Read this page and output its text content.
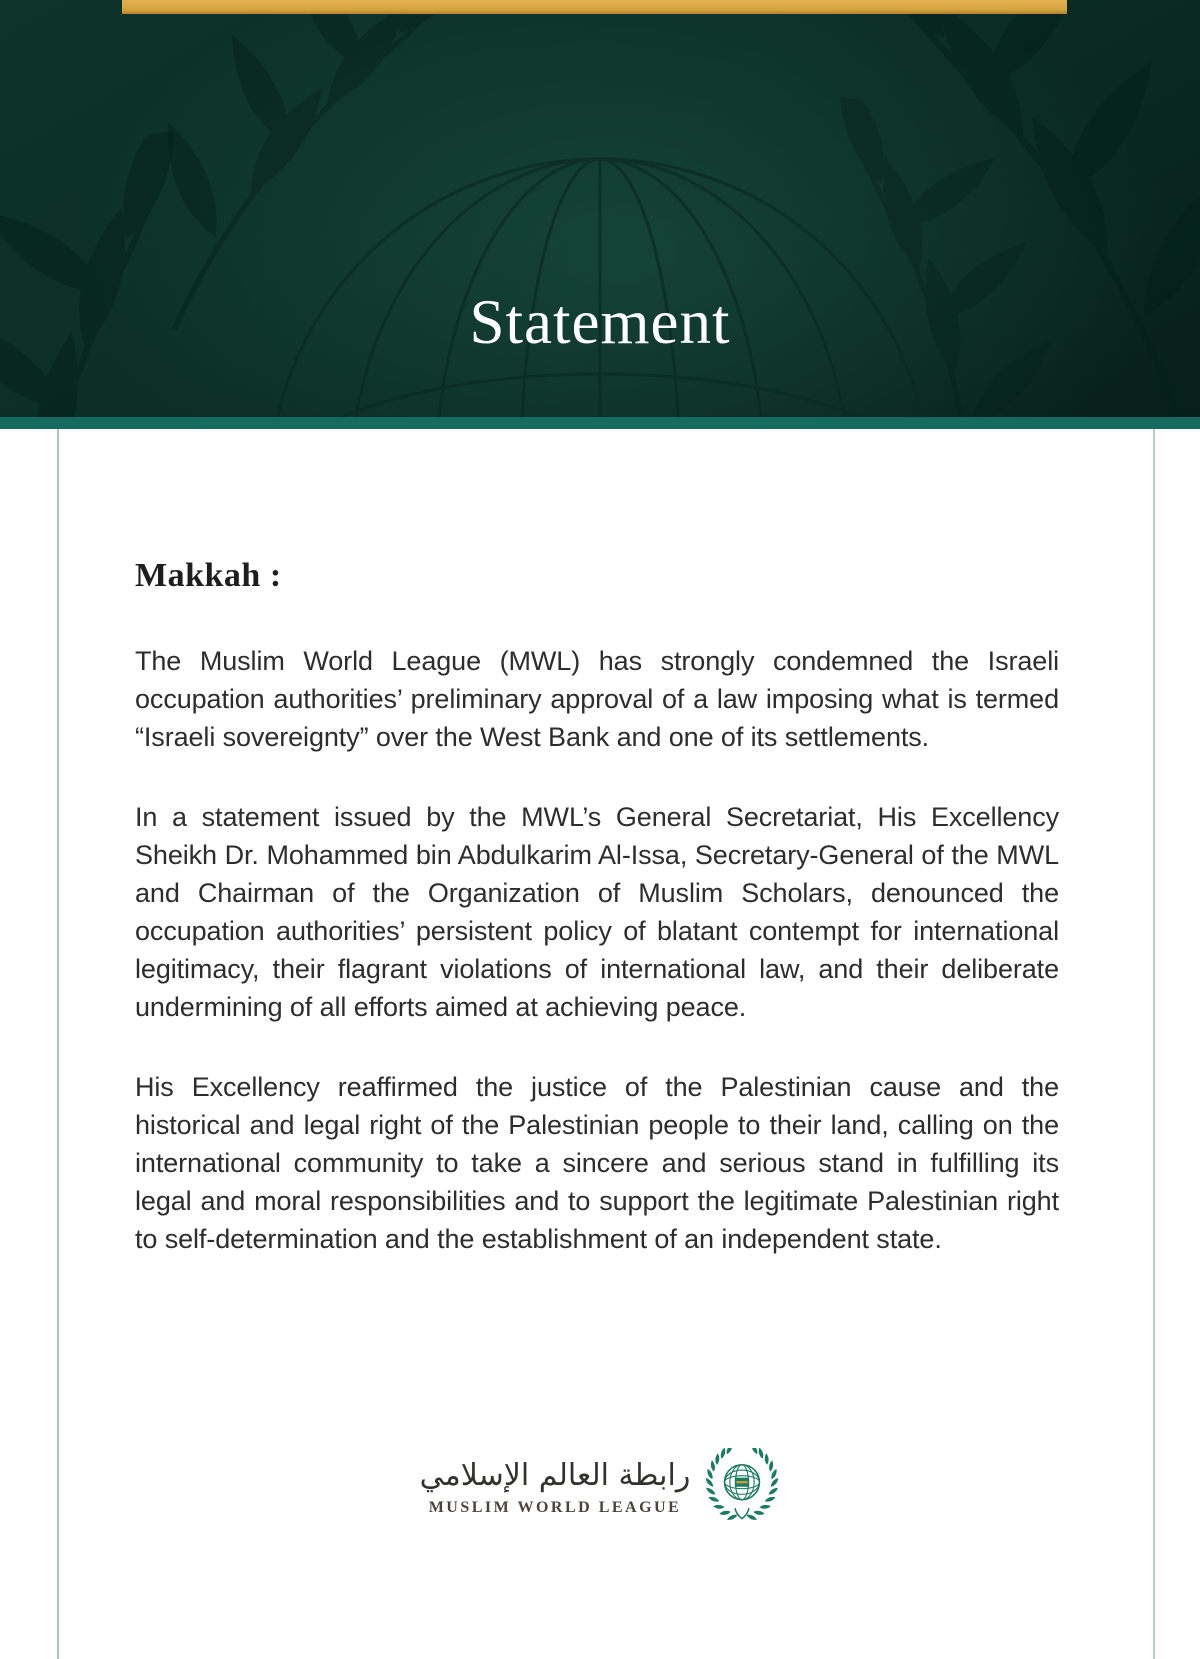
Statement
Makkah :

The Muslim World League (MWL) has strongly condemned the Israeli occupation authorities’ preliminary approval of a law imposing what is termed “Israeli sovereignty” over the West Bank and one of its settlements.

In a statement issued by the MWL’s General Secretariat, His Excellency Sheikh Dr. Mohammed bin Abdulkarim Al-Issa, Secretary-General of the MWL and Chairman of the Organization of Muslim Scholars, denounced the occupation authorities’ persistent policy of blatant contempt for international legitimacy, their flagrant violations of international law, and their deliberate undermining of all efforts aimed at achieving peace.

His Excellency reaffirmed the justice of the Palestinian cause and the historical and legal right of the Palestinian people to their land, calling on the international community to take a sincere and serious stand in fulfilling its legal and moral responsibilities and to support the legitimate Palestinian right to self-determination and the establishment of an independent state.

رابطة العالم الإسلامي
MUSLIM WORLD LEAGUE
